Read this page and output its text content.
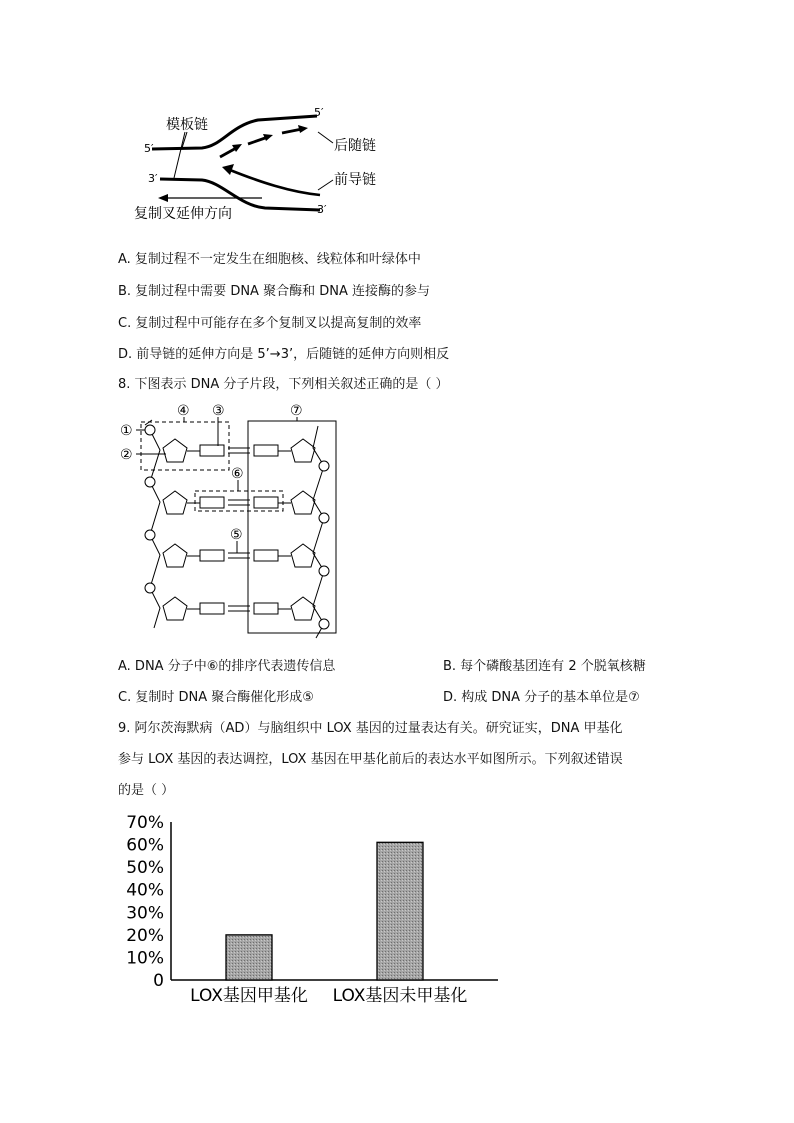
模板链
5′
3′
5′
3′
后随链
前导链
复制叉延伸方向
A. 复制过程不一定发生在细胞核、线粒体和叶绿体中
B. 复制过程中需要 DNA 聚合酶和 DNA 连接酶的参与
C. 复制过程中可能存在多个复制叉以提高复制的效率
D. 前导链的延伸方向是 5’→3’，后随链的延伸方向则相反
8. 下图表示 DNA 分子片段，下列相关叙述正确的是（ ）
①
②
③
④
⑤
⑥
⑦
A. DNA 分子中⑥的排序代表遗传信息	B. 每个磷酸基团连有 2 个脱氧核糖
C. 复制时 DNA 聚合酶催化形成⑤	D. 构成 DNA 分子的基本单位是⑦
9. 阿尔茨海默病（AD）与脑组织中 LOX 基因的过量表达有关。研究证实，DNA 甲基化
参与 LOX 基因的表达调控，LOX 基因在甲基化前后的表达水平如图所示。下列叙述错误
的是（ ）
0
10%
20%
30%
40%
50%
60%
70%
LOX基因甲基化 LOX基因未甲基化
